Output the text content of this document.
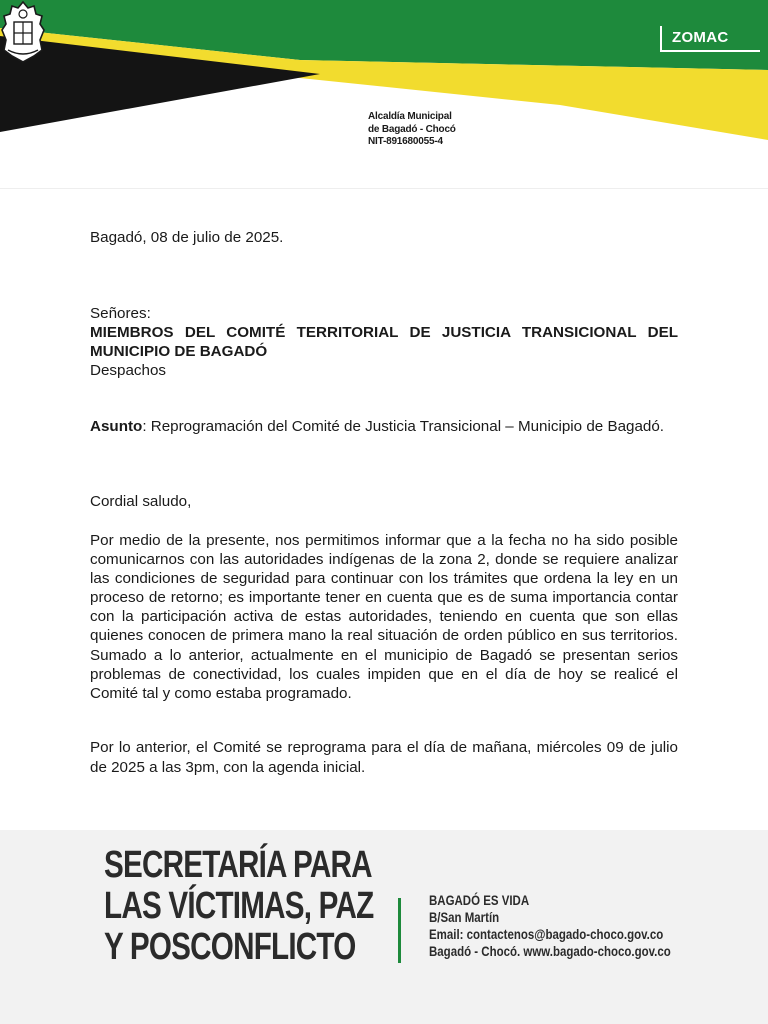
ZOMAC
Alcaldía Municipal
de Bagadó - Chocó
NIT-891680055-4
Bagadó, 08 de julio de 2025.
Señores:
MIEMBROS DEL COMITÉ TERRITORIAL DE JUSTICIA TRANSICIONAL DEL
MUNICIPIO DE BAGADÓ
Despachos
Asunto: Reprogramación del Comité de Justicia Transicional – Municipio de Bagadó.
Cordial saludo,
Por medio de la presente, nos permitimos informar que a la fecha no ha sido posible comunicarnos con las autoridades indígenas de la zona 2, donde se requiere analizar las condiciones de seguridad para continuar con los trámites que ordena la ley en un proceso de retorno; es importante tener en cuenta que es de suma importancia contar con la participación activa de estas autoridades, teniendo en cuenta que son ellas quienes conocen de primera mano la real situación de orden público en sus territorios. Sumado a lo anterior, actualmente en el municipio de Bagadó se presentan serios problemas de conectividad, los cuales impiden que en el día de hoy se realicé el Comité tal y como estaba programado.
Por lo anterior, el Comité se reprograma para el día de mañana, miércoles 09 de julio de 2025 a las 3pm, con la agenda inicial.
SECRETARÍA PARA
LAS VÍCTIMAS, PAZ
Y POSCONFLICTO
BAGADÓ ES VIDA
B/San Martín
Email: contactenos@bagado-choco.gov.co
Bagadó - Chocó. www.bagado-choco.gov.co
